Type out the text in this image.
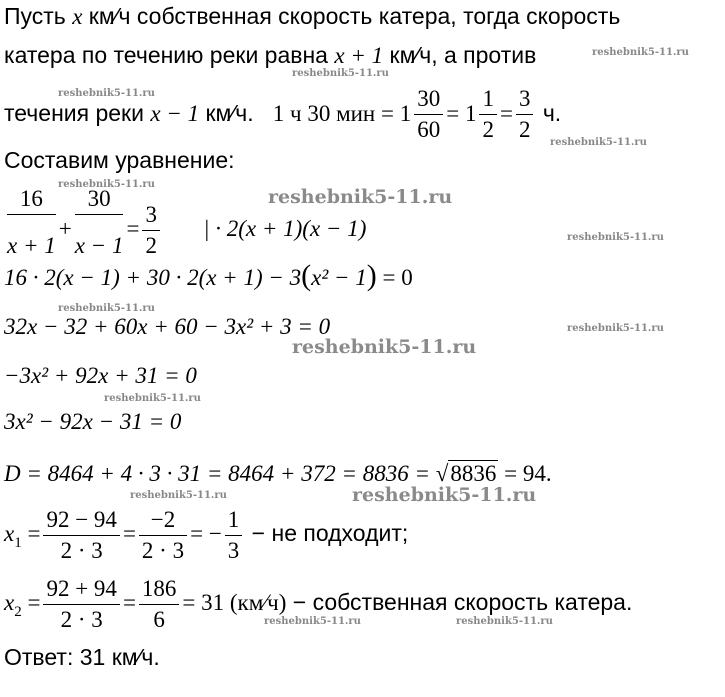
Пусть x км⁄ч собственная скорость катера, тогда скорость
катера по течению реки равна x + 1 км⁄ч, а против
течения реки x − 1 км⁄ч. 1 ч 30 мин = $1 \frac{30}{60} = 1 \frac{1}{2} = \frac{3}{2} ч$.
Составим уравнение:
$\frac{16}{x + 1} + \frac{30}{x - 1} = \frac{3}{2}$ | · 2(x + 1)(x − 1)
16 · 2(x − 1) + 30 · 2(x + 1) − 3(x² − 1) = 0
32x − 32 + 60x + 60 − 3x² + 3 = 0
−3x² + 92x + 31 = 0
3x² − 92x − 31 = 0
D = 8464 + 4 · 3 · 31 = 8464 + 372 = 8836 = √8836 = 94.
$x_1 = \frac{92 - 94}{2 \cdot 3} = \frac{-2}{2 \cdot 3}$ = − $\frac{1}{3}$ − не подходит;
$x_2 = \frac{92 + 94}{2 \cdot 3} = \frac{186}{6} = 31$ (км⁄ч) − собственная скорость катера.
Ответ: 31 км⁄ч.
reshebnik5-11.ru
reshebnik5-11.ru
reshebnik5-11.ru
reshebnik5-11.ru
reshebnik5-11.ru
reshebnik5-11.ru
reshebnik5-11.ru
reshebnik5-11.ru
reshebnik5-11.ru
reshebnik5-11.ru
reshebnik5-11.ru
reshebnik5-11.ru	reshebnik5-11.ru
reshebnik5-11.ru	reshebnik5-11.ru
